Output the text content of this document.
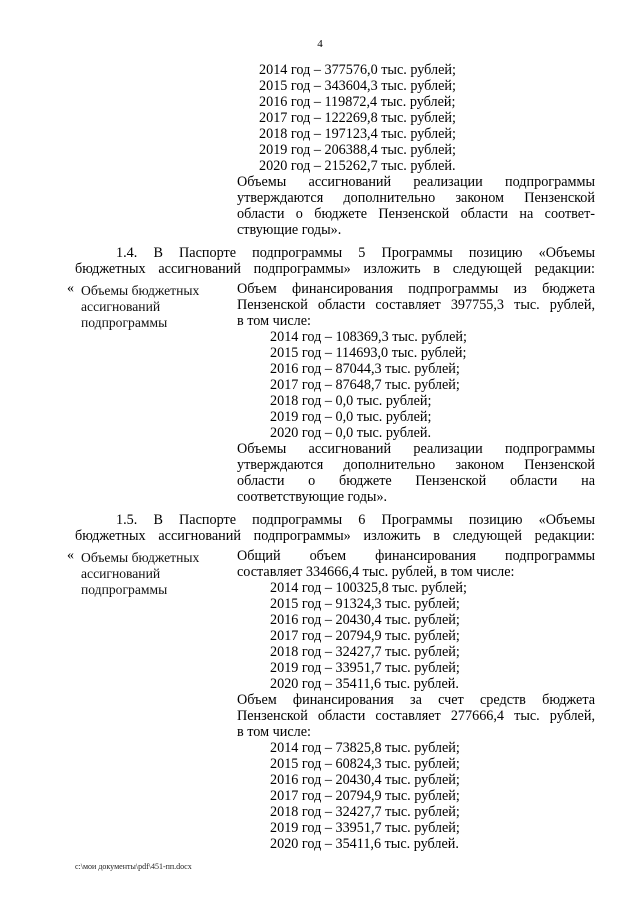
4
2014 год – 377576,0 тыс. рублей;
2015 год – 343604,3 тыс. рублей;
2016 год – 119872,4 тыс. рублей;
2017 год – 122269,8 тыс. рублей;
2018 год – 197123,4 тыс. рублей;
2019 год – 206388,4 тыс. рублей;
2020 год – 215262,7 тыс. рублей.
Объемы ассигнований реализации подпрограммы
утверждаются дополнительно законом Пензенской
области о бюджете Пензенской области на соответ-
ствующие годы».
1.4. В Паспорте подпрограммы 5 Программы позицию «Объемы
бюджетных ассигнований подпрограммы» изложить в следующей редакции:
« Объемы бюджетных
ассигнований
подпрограммы
Объем финансирования подпрограммы из бюджета
Пензенской области составляет 397755,3 тыс. рублей,
в том числе:
2014 год – 108369,3 тыс. рублей;
2015 год – 114693,0 тыс. рублей;
2016 год – 87044,3 тыс. рублей;
2017 год – 87648,7 тыс. рублей;
2018 год – 0,0 тыс. рублей;
2019 год – 0,0 тыс. рублей;
2020 год – 0,0 тыс. рублей.
Объемы ассигнований реализации подпрограммы
утверждаются дополнительно законом Пензенской
области о бюджете Пензенской области на
соответствующие годы».
1.5. В Паспорте подпрограммы 6 Программы позицию «Объемы
бюджетных ассигнований подпрограммы» изложить в следующей редакции:
« Объемы бюджетных
ассигнований
подпрограммы
Общий объем финансирования подпрограммы
составляет 334666,4 тыс. рублей, в том числе:
2014 год – 100325,8 тыс. рублей;
2015 год – 91324,3 тыс. рублей;
2016 год – 20430,4 тыс. рублей;
2017 год – 20794,9 тыс. рублей;
2018 год – 32427,7 тыс. рублей;
2019 год – 33951,7 тыс. рублей;
2020 год – 35411,6 тыс. рублей.
Объем финансирования за счет средств бюджета
Пензенской области составляет 277666,4 тыс. рублей,
в том числе:
2014 год – 73825,8 тыс. рублей;
2015 год – 60824,3 тыс. рублей;
2016 год – 20430,4 тыс. рублей;
2017 год – 20794,9 тыс. рублей;
2018 год – 32427,7 тыс. рублей;
2019 год – 33951,7 тыс. рублей;
2020 год – 35411,6 тыс. рублей.
c:\мои документы\pdf\451-пп.docx
